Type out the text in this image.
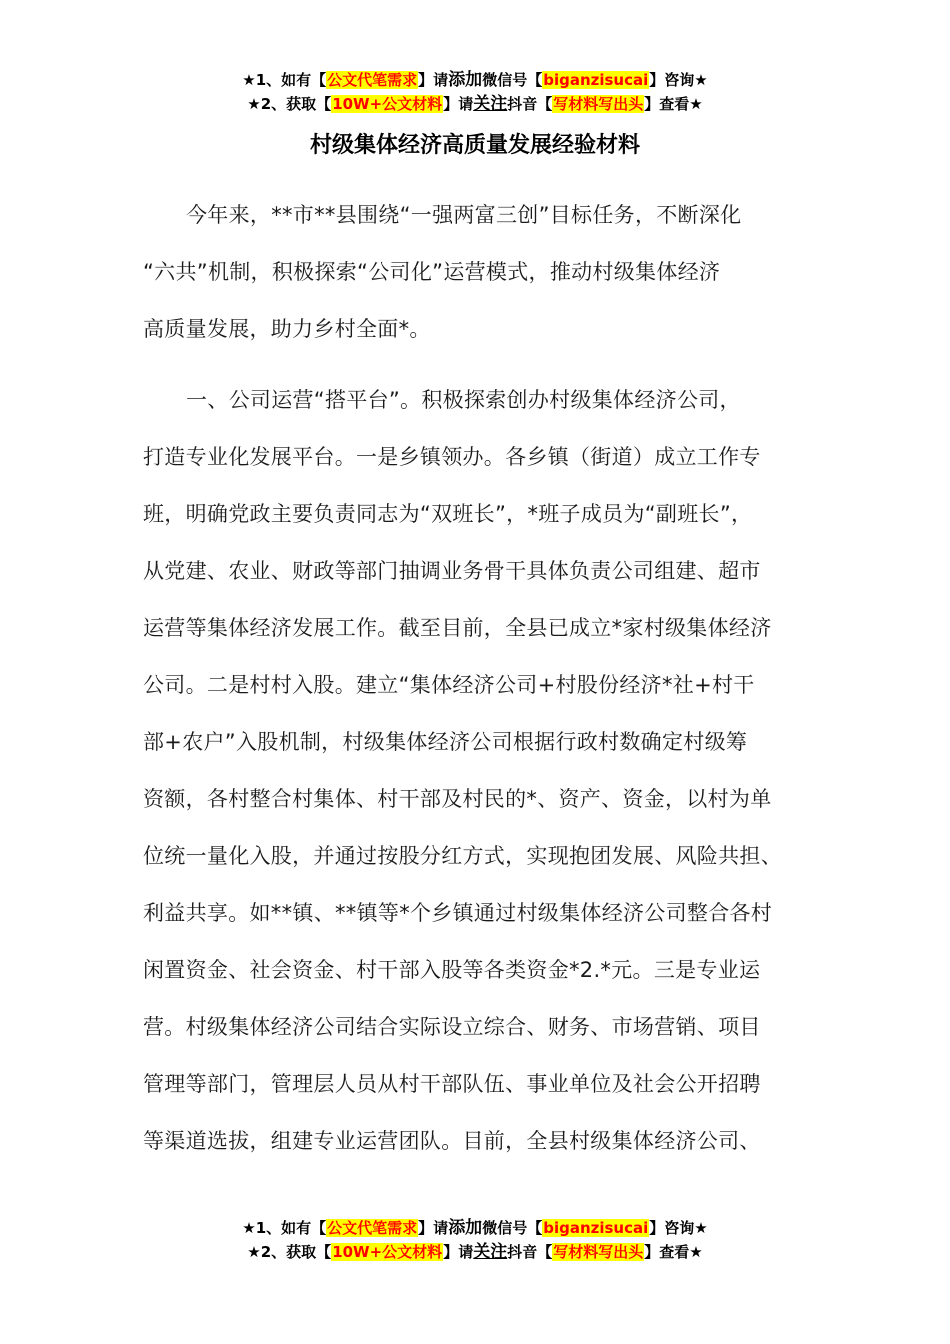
★1、如有【公文代笔需求】请添加微信号【biganzisucai】咨询★
★2、获取【10W+公文材料】请关注抖音【写材料写出头】查看★
村级集体经济高质量发展经验材料
今年来，**市**县围绕“一强两富三创”目标任务，不断深化
“六共”机制，积极探索“公司化”运营模式，推动村级集体经济
高质量发展，助力乡村全面*。
一、公司运营“搭平台”。积极探索创办村级集体经济公司，
打造专业化发展平台。一是乡镇领办。各乡镇（街道）成立工作专
班，明确党政主要负责同志为“双班长”，*班子成员为“副班长”，
从党建、农业、财政等部门抽调业务骨干具体负责公司组建、超市
运营等集体经济发展工作。截至目前，全县已成立*家村级集体经济
公司。二是村村入股。建立“集体经济公司+村股份经济*社+村干
部+农户”入股机制，村级集体经济公司根据行政村数确定村级筹
资额，各村整合村集体、村干部及村民的*、资产、资金，以村为单
位统一量化入股，并通过按股分红方式，实现抱团发展、风险共担、
利益共享。如**镇、**镇等*个乡镇通过村级集体经济公司整合各村
闲置资金、社会资金、村干部入股等各类资金*2.*元。三是专业运
营。村级集体经济公司结合实际设立综合、财务、市场营销、项目
管理等部门，管理层人员从村干部队伍、事业单位及社会公开招聘
等渠道选拔，组建专业运营团队。目前，全县村级集体经济公司、
★1、如有【公文代笔需求】请添加微信号【biganzisucai】咨询★
★2、获取【10W+公文材料】请关注抖音【写材料写出头】查看★
